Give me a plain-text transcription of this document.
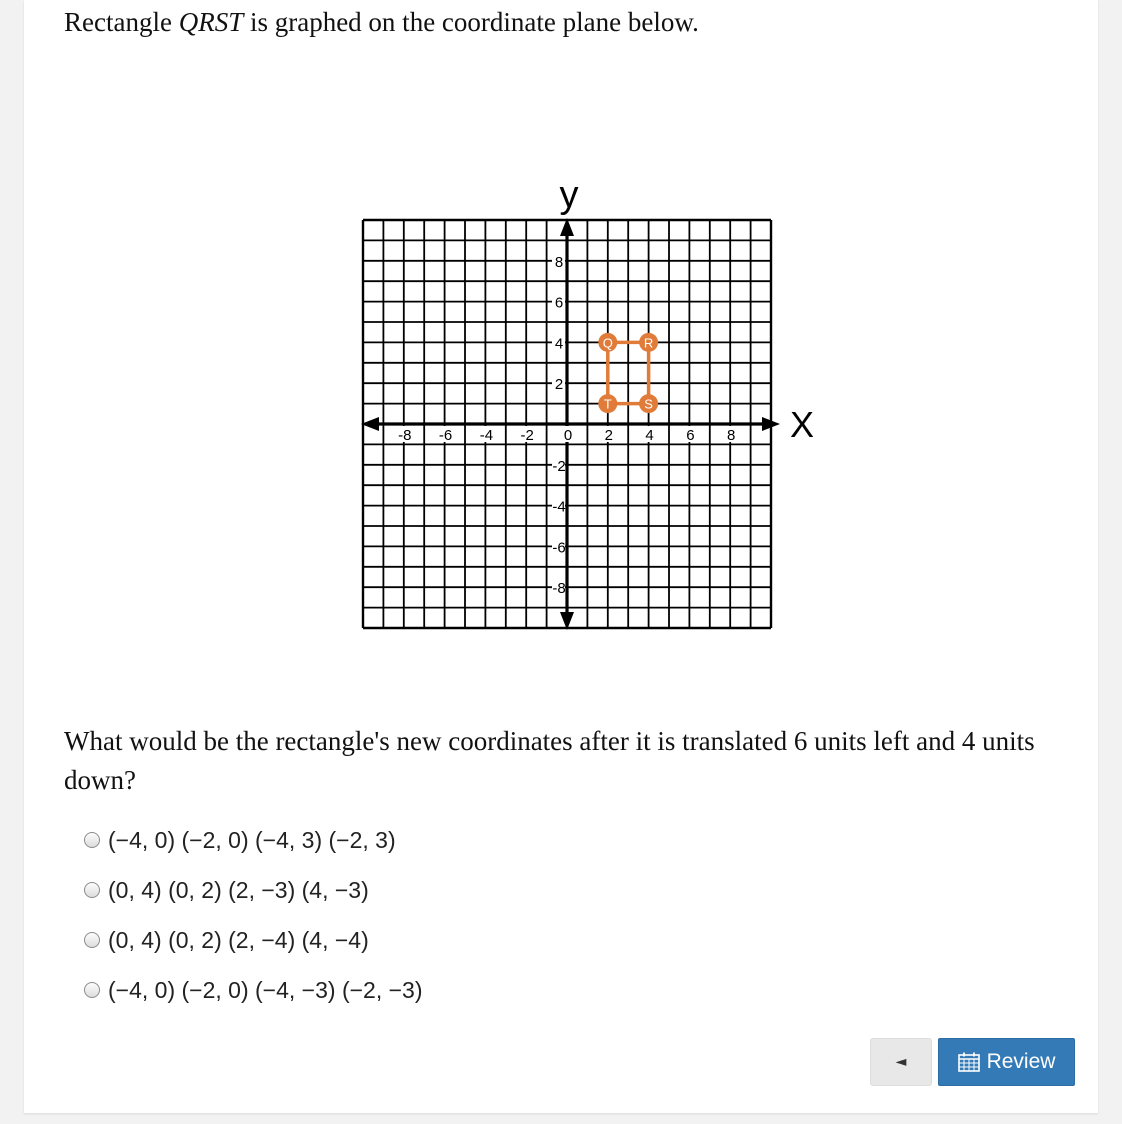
Rectangle QRST is graphed on the coordinate plane below.

X
y
-8 -6 -4 -2 0 2 4 6 8
8
6
4
2
-2
-4
-6
-8
Q R
S
T

What would be the rectangle's new coordinates after it is translated 6 units left and 4 units down?

(−4, 0) (−2, 0) (−4, 3) (−2, 3)
(0, 4) (0, 2) (2, −3) (4, −3)
(0, 4) (0, 2) (2, −4) (4, −4)
(−4, 0) (−2, 0) (−4, −3) (−2, −3)
◄	Review
